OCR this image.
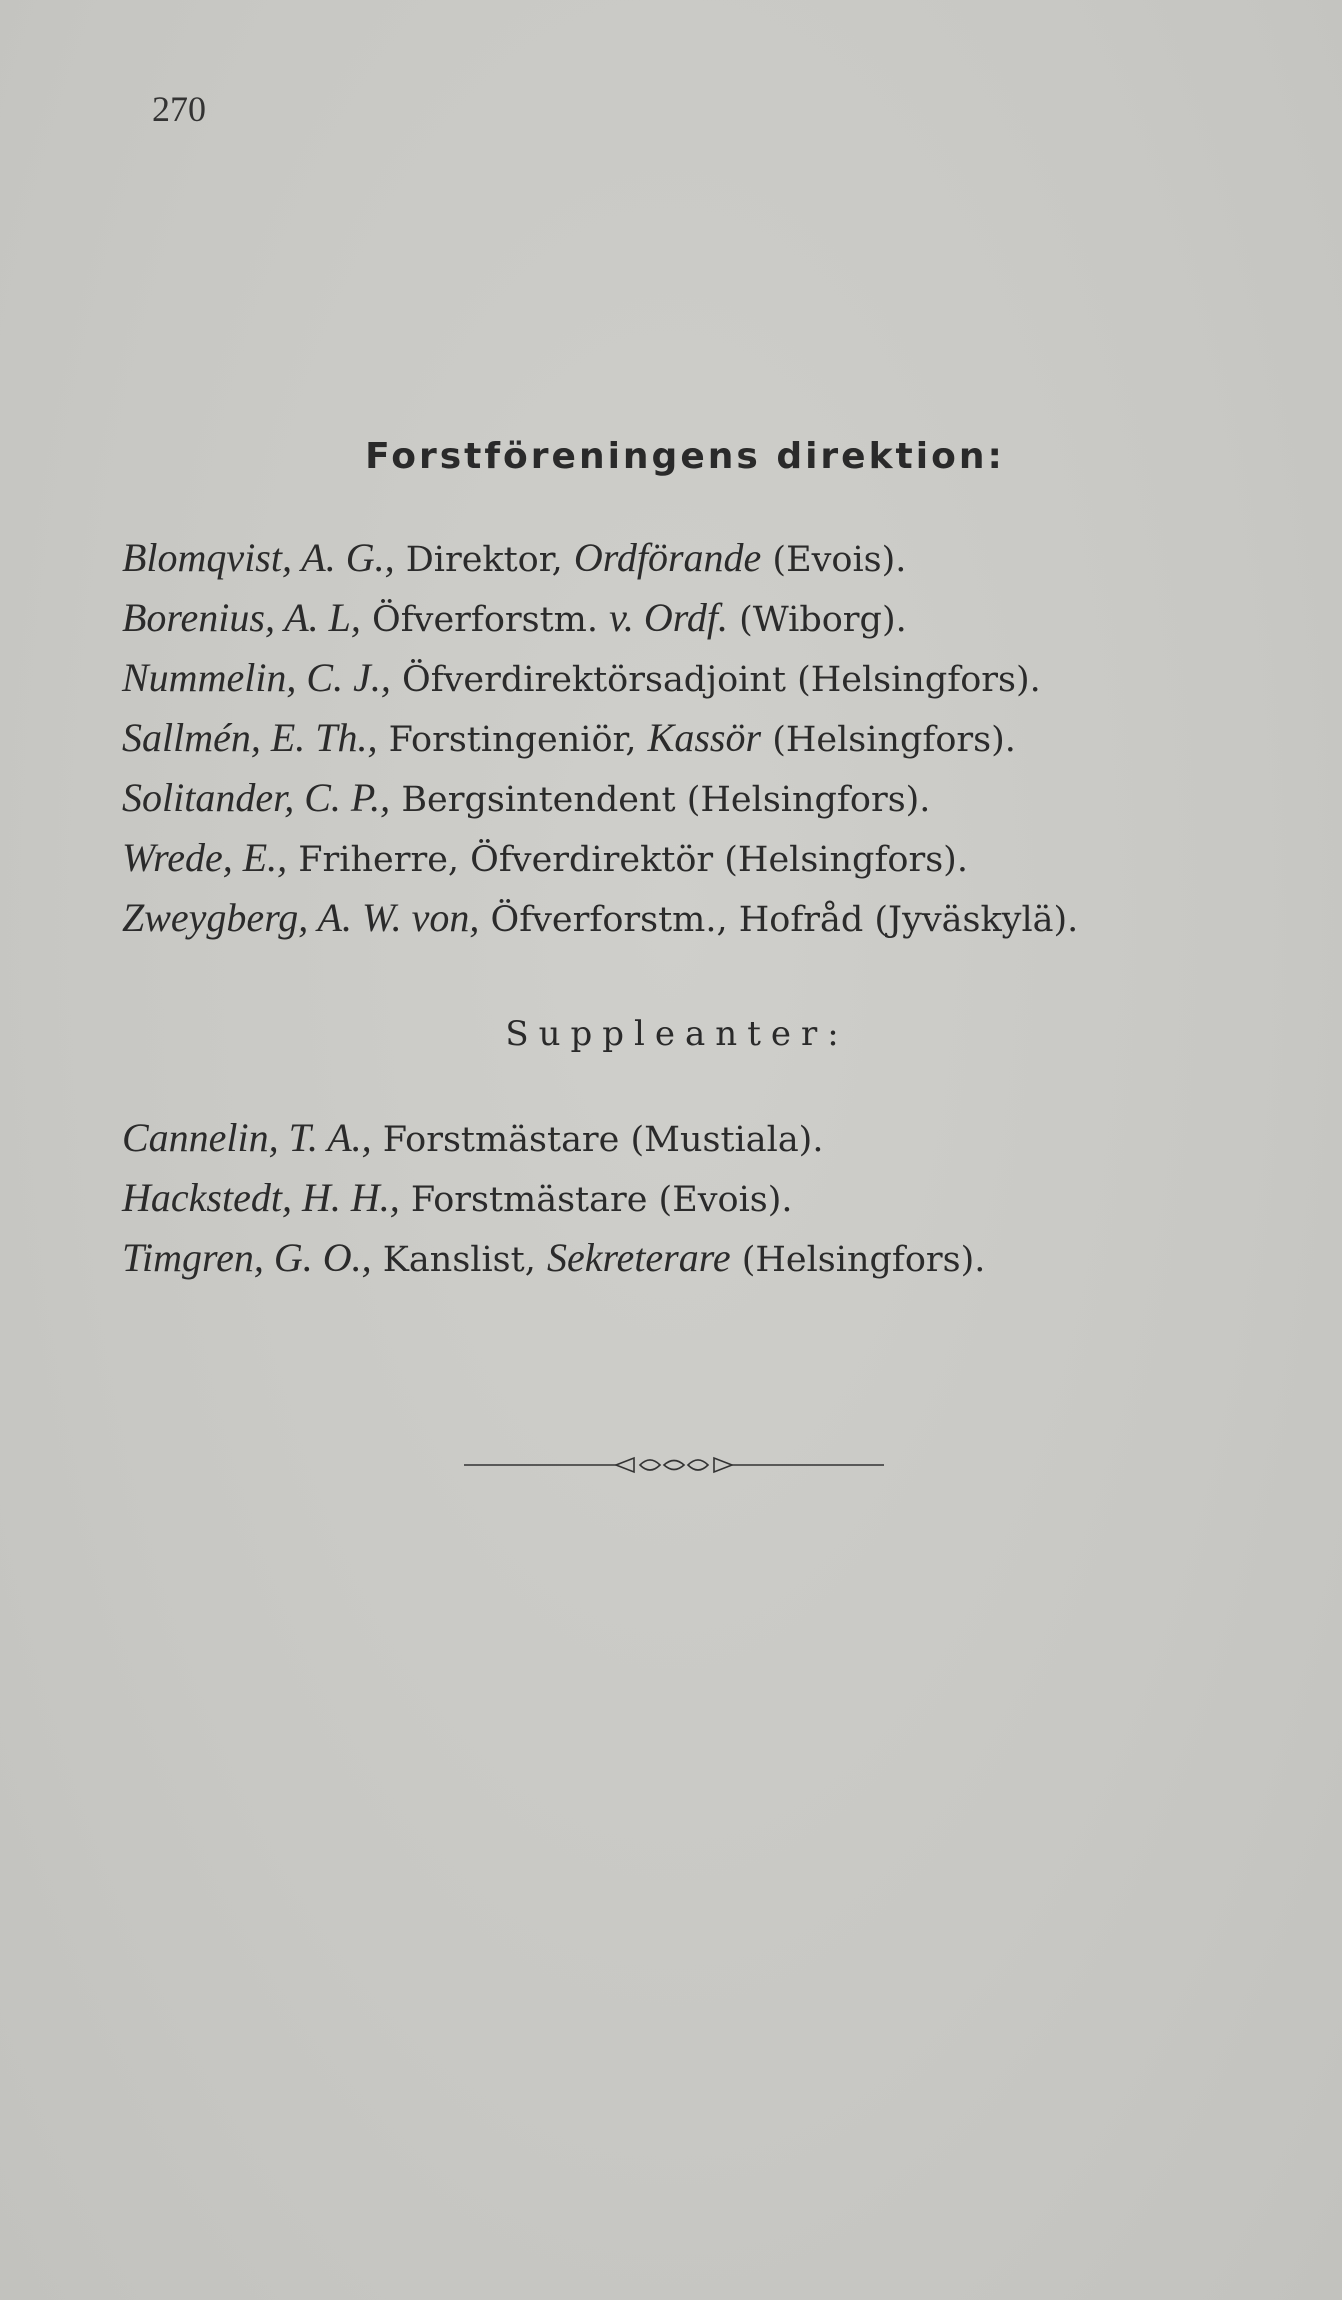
270
Forstföreningens direktion:
Blomqvist, A. G., Direktor, Ordförande (Evois).
Borenius, A. L, Öfverforstm. v. Ordf. (Wiborg).
Nummelin, C. J., Öfverdirektörsadjoint (Helsingfors).
Sallmén, E. Th., Forstingeniör, Kassör (Helsingfors).
Solitander, C. P., Bergsintendent (Helsingfors).
Wrede, E., Friherre, Öfverdirektör (Helsingfors).
Zweygberg, A. W. von, Öfverforstm., Hofråd (Jyväskylä).
Suppleanter:
Cannelin, T. A., Forstmästare (Mustiala).
Hackstedt, H. H., Forstmästare (Evois).
Timgren, G. O., Kanslist, Sekreterare (Helsingfors).
